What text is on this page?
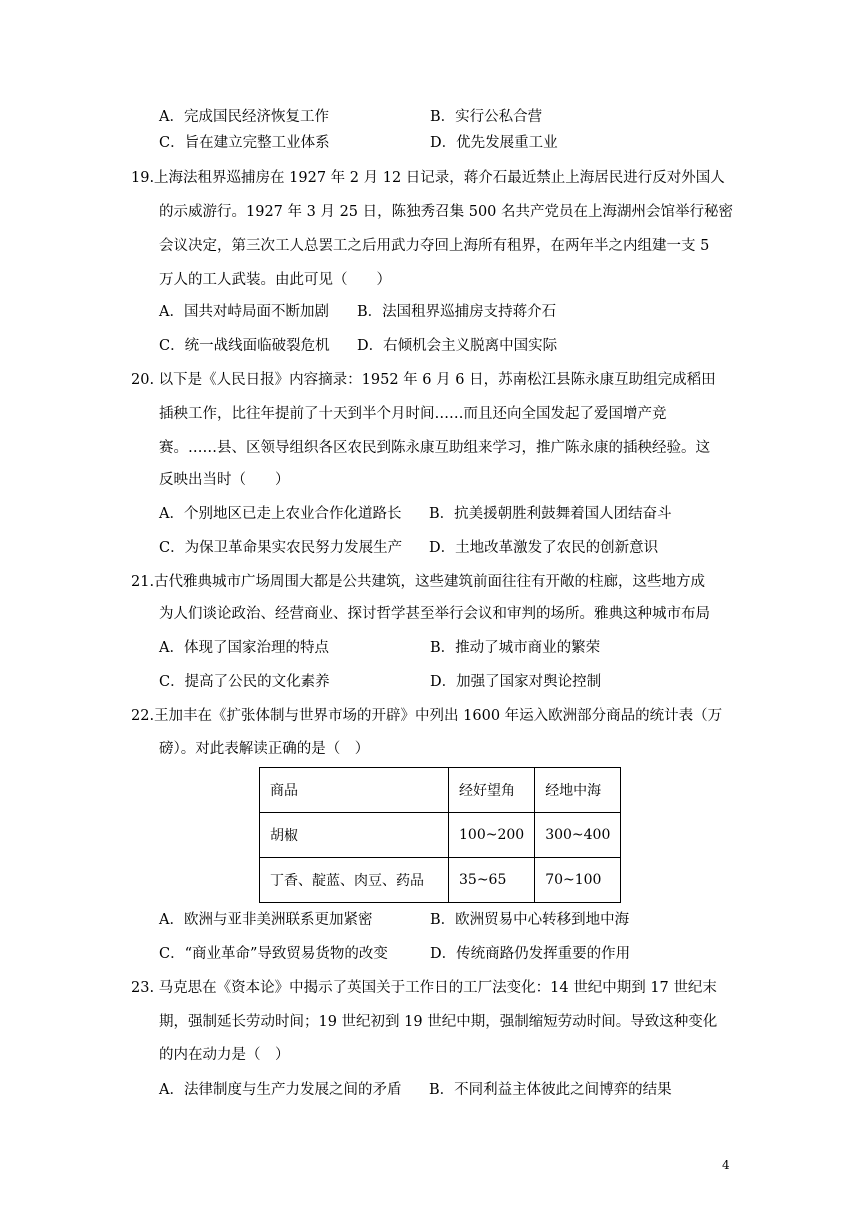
A．完成国民经济恢复工作	B．实行公私合营
C．旨在建立完整工业体系	D．优先发展重工业
19.上海法租界巡捕房在 1927 年 2 月 12 日记录，蒋介石最近禁止上海居民进行反对外国人
的示威游行。1927 年 3 月 25 日，陈独秀召集 500 名共产党员在上海湖州会馆举行秘密
会议决定，第三次工人总罢工之后用武力夺回上海所有租界，在两年半之内组建一支 5
万人的工人武装。由此可见（　　）
A．国共对峙局面不断加剧 B．法国租界巡捕房支持蒋介石
C．统一战线面临破裂危机 D．右倾机会主义脱离中国实际
20. 以下是《人民日报》内容摘录：1952 年 6 月 6 日，苏南松江县陈永康互助组完成稻田
插秧工作，比往年提前了十天到半个月时间……而且还向全国发起了爱国增产竞
赛。……县、区领导组织各区农民到陈永康互助组来学习，推广陈永康的插秧经验。这
反映出当时（　　）
A．个别地区已走上农业合作化道路长 B．抗美援朝胜利鼓舞着国人团结奋斗
C．为保卫革命果实农民努力发展生产 D．土地改革激发了农民的创新意识
21.古代雅典城市广场周围大都是公共建筑，这些建筑前面往往有开敞的柱廊，这些地方成
为人们谈论政治、经营商业、探讨哲学甚至举行会议和审判的场所。雅典这种城市布局
A．体现了国家治理的特点	B．推动了城市商业的繁荣
C．提高了公民的文化素养	D．加强了国家对舆论控制
22.王加丰在《扩张体制与世界市场的开辟》中列出 1600 年运入欧洲部分商品的统计表（万
磅）。对此表解读正确的是（　）
商品	经好望角	经地中海
胡椒	100~200	300~400
丁香、靛蓝、肉豆、药品	35~65	70~100
A．欧洲与亚非美洲联系更加紧密	B．欧洲贸易中心转移到地中海
C．“商业革命”导致贸易货物的改变	D．传统商路仍发挥重要的作用
23. 马克思在《资本论》中揭示了英国关于工作日的工厂法变化：14 世纪中期到 17 世纪末
期，强制延长劳动时间；19 世纪初到 19 世纪中期，强制缩短劳动时间。导致这种变化
的内在动力是（　）
A．法律制度与生产力发展之间的矛盾 B．不同利益主体彼此之间博弈的结果
4
